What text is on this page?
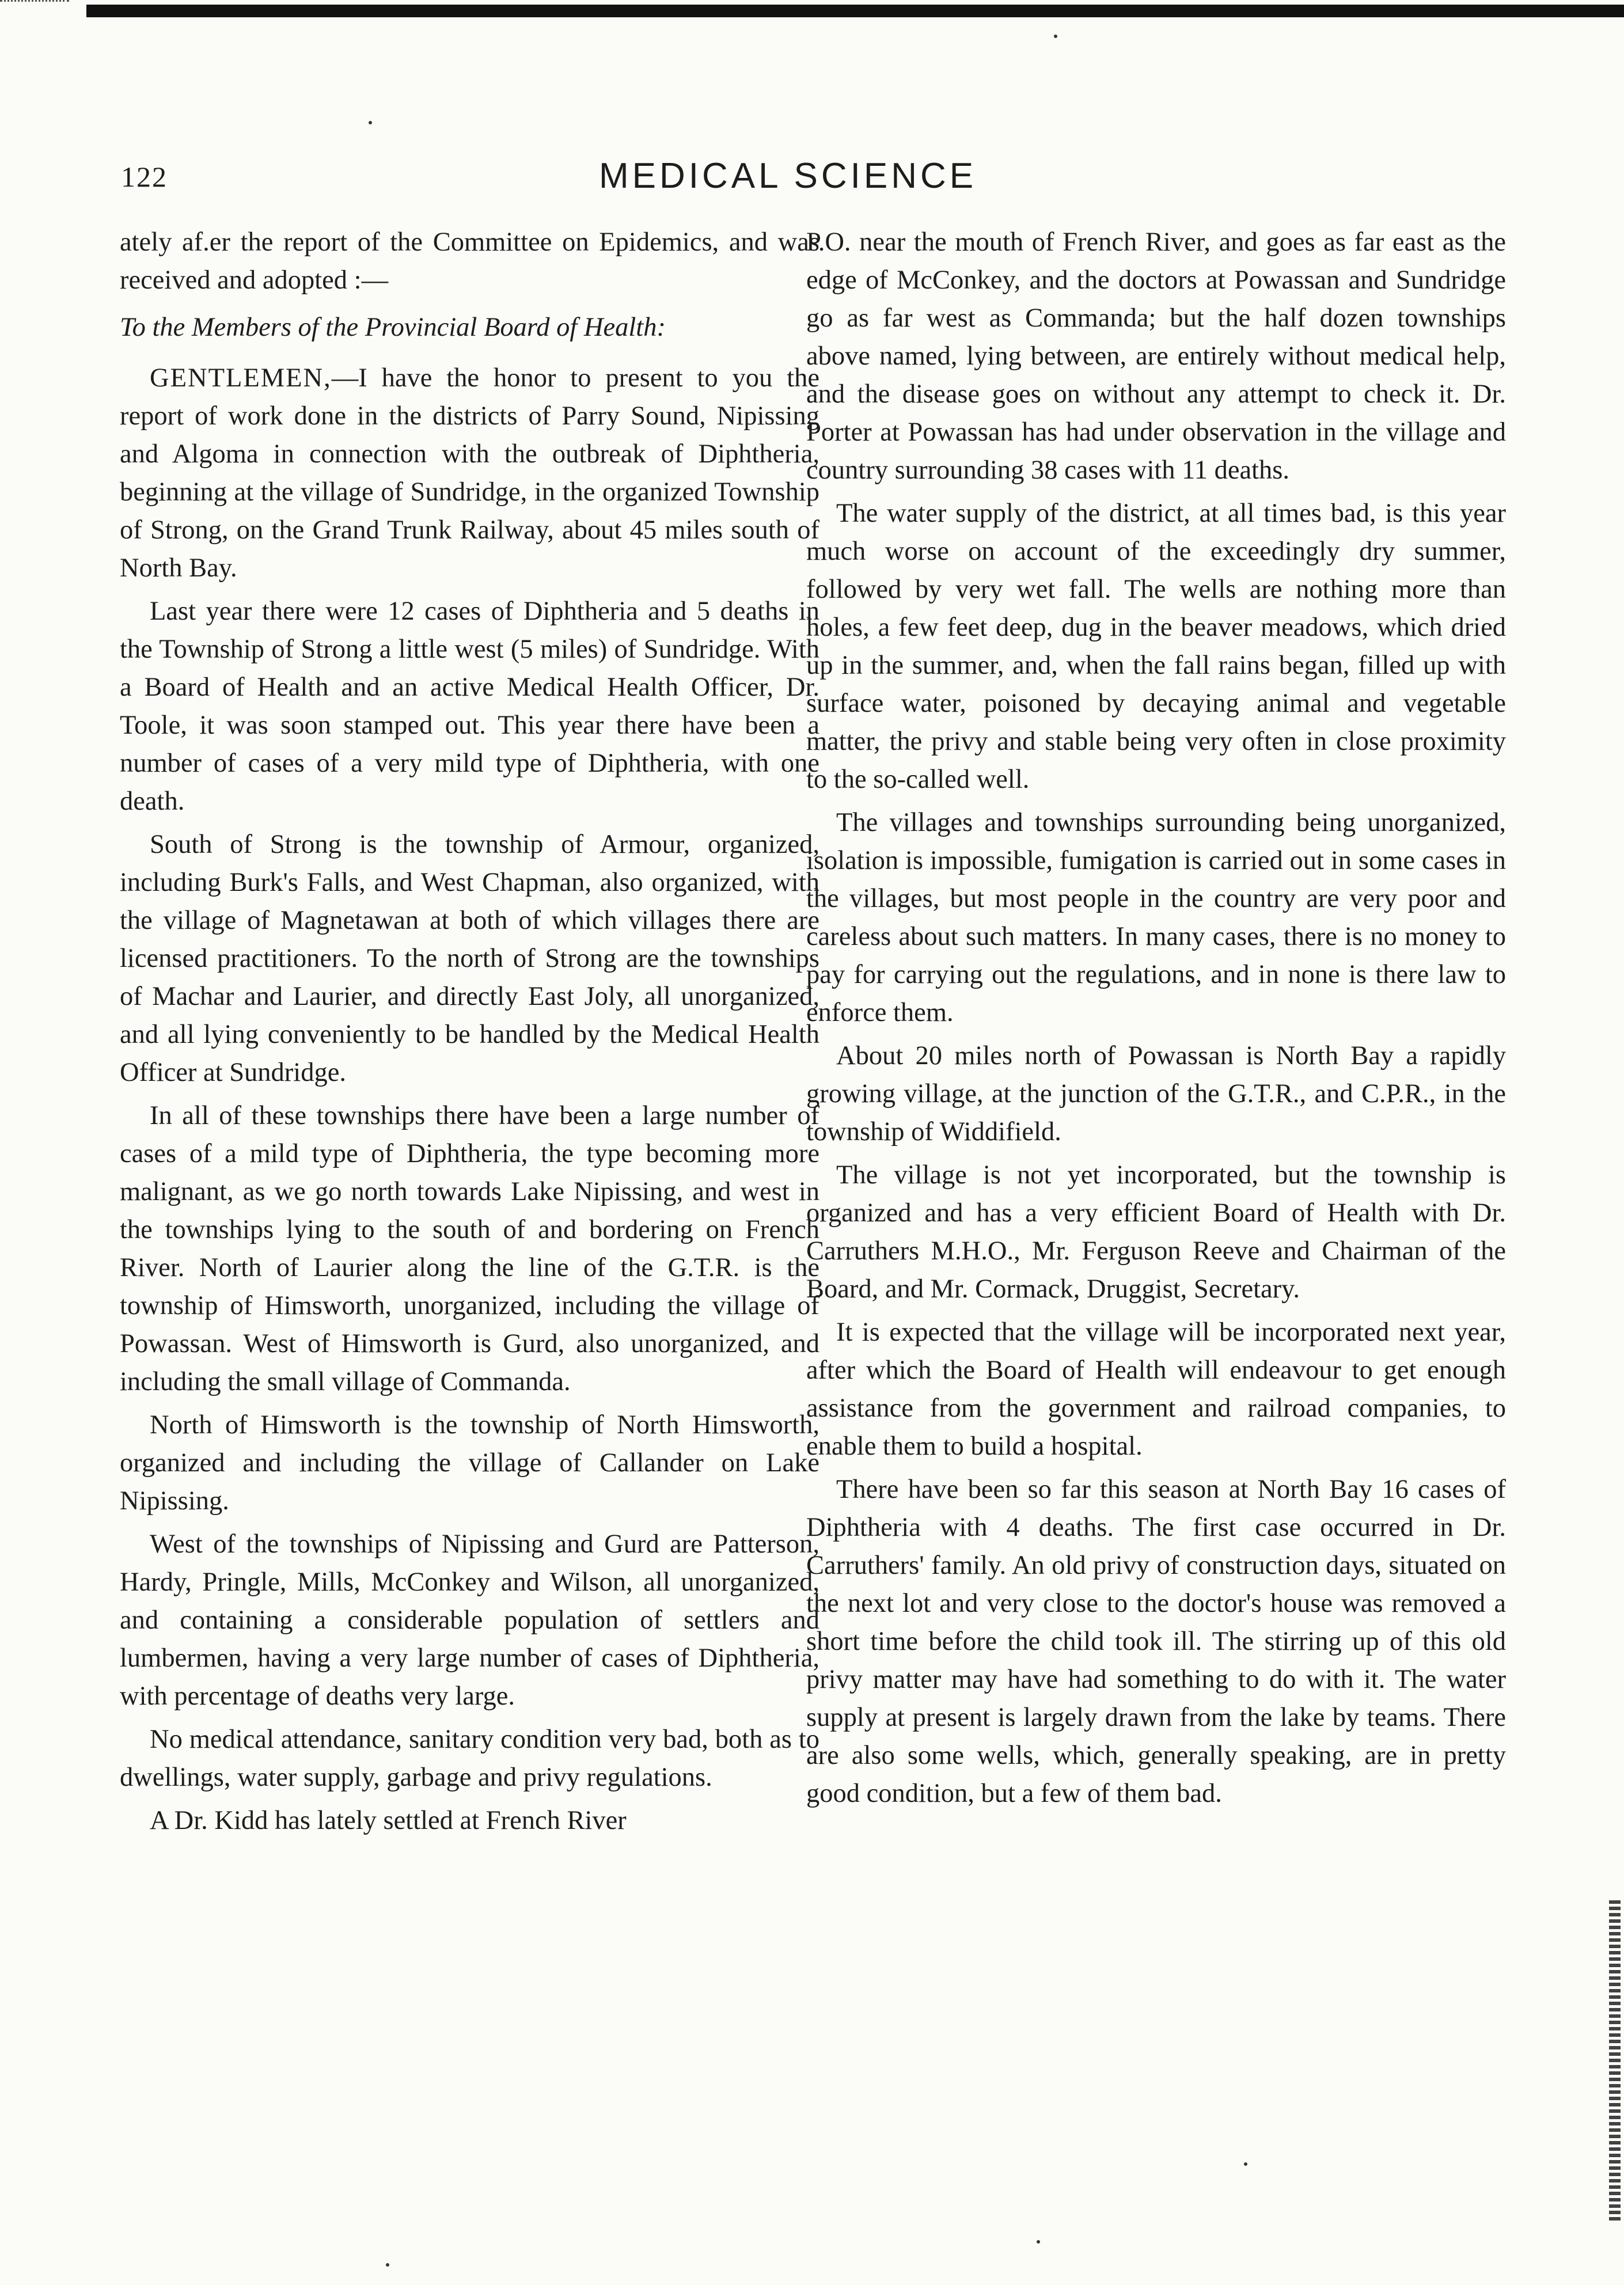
122	MEDICAL SCIENCE

ately af.er the report of the Committee on Epidemics, and was received and adopted :—

To the Members of the Provincial Board of Health:

GENTLEMEN,—I have the honor to present to you the report of work done in the districts of Parry Sound, Nipissing and Algoma in connection with the outbreak of Diphtheria, beginning at the village of Sundridge, in the organized Township of Strong, on the Grand Trunk Railway, about 45 miles south of North Bay.

Last year there were 12 cases of Diphtheria and 5 deaths in the Township of Strong a little west (5 miles) of Sundridge. With a Board of Health and an active Medical Health Officer, Dr. Toole, it was soon stamped out. This year there have been a number of cases of a very mild type of Diphtheria, with one death.

South of Strong is the township of Armour, organized, including Burk's Falls, and West Chapman, also organized, with the village of Magnetawan at both of which villages there are licensed practitioners. To the north of Strong are the townships of Machar and Laurier, and directly East Joly, all unorganized, and all lying conveniently to be handled by the Medical Health Officer at Sundridge.

In all of these townships there have been a large number of cases of a mild type of Diphtheria, the type becoming more malignant, as we go north towards Lake Nipissing, and west in the townships lying to the south of and bordering on French River. North of Laurier along the line of the G.T.R. is the township of Himsworth, unorganized, including the village of Powassan. West of Himsworth is Gurd, also unorganized, and including the small village of Commanda.

North of Himsworth is the township of North Himsworth, organized and including the village of Callander on Lake Nipissing.

West of the townships of Nipissing and Gurd are Patterson, Hardy, Pringle, Mills, McConkey and Wilson, all unorganized, and containing a considerable population of settlers and lumbermen, having a very large number of cases of Diphtheria, with percentage of deaths very large.

No medical attendance, sanitary condition very bad, both as to dwellings, water supply, garbage and privy regulations.

A Dr. Kidd has lately settled at French River

P.O. near the mouth of French River, and goes as far east as the edge of McConkey, and the doctors at Powassan and Sundridge go as far west as Commanda; but the half dozen townships above named, lying between, are entirely without medical help, and the disease goes on without any attempt to check it. Dr. Porter at Powassan has had under observation in the village and country surrounding 38 cases with 11 deaths.

The water supply of the district, at all times bad, is this year much worse on account of the exceedingly dry summer, followed by very wet fall. The wells are nothing more than holes, a few feet deep, dug in the beaver meadows, which dried up in the summer, and, when the fall rains began, filled up with surface water, poisoned by decaying animal and vegetable matter, the privy and stable being very often in close proximity to the so-called well.

The villages and townships surrounding being unorganized, isolation is impossible, fumigation is carried out in some cases in the villages, but most people in the country are very poor and careless about such matters. In many cases, there is no money to pay for carrying out the regulations, and in none is there law to enforce them.

About 20 miles north of Powassan is North Bay a rapidly growing village, at the junction of the G.T.R., and C.P.R., in the township of Widdifield.

The village is not yet incorporated, but the township is organized and has a very efficient Board of Health with Dr. Carruthers M.H.O., Mr. Ferguson Reeve and Chairman of the Board, and Mr. Cormack, Druggist, Secretary.

It is expected that the village will be incorporated next year, after which the Board of Health will endeavour to get enough assistance from the government and railroad companies, to enable them to build a hospital.

There have been so far this season at North Bay 16 cases of Diphtheria with 4 deaths. The first case occurred in Dr. Carruthers' family. An old privy of construction days, situated on the next lot and very close to the doctor's house was removed a short time before the child took ill. The stirring up of this old privy matter may have had something to do with it. The water supply at present is largely drawn from the lake by teams. There are also some wells, which, generally speaking, are in pretty good condition, but a few of them bad.
